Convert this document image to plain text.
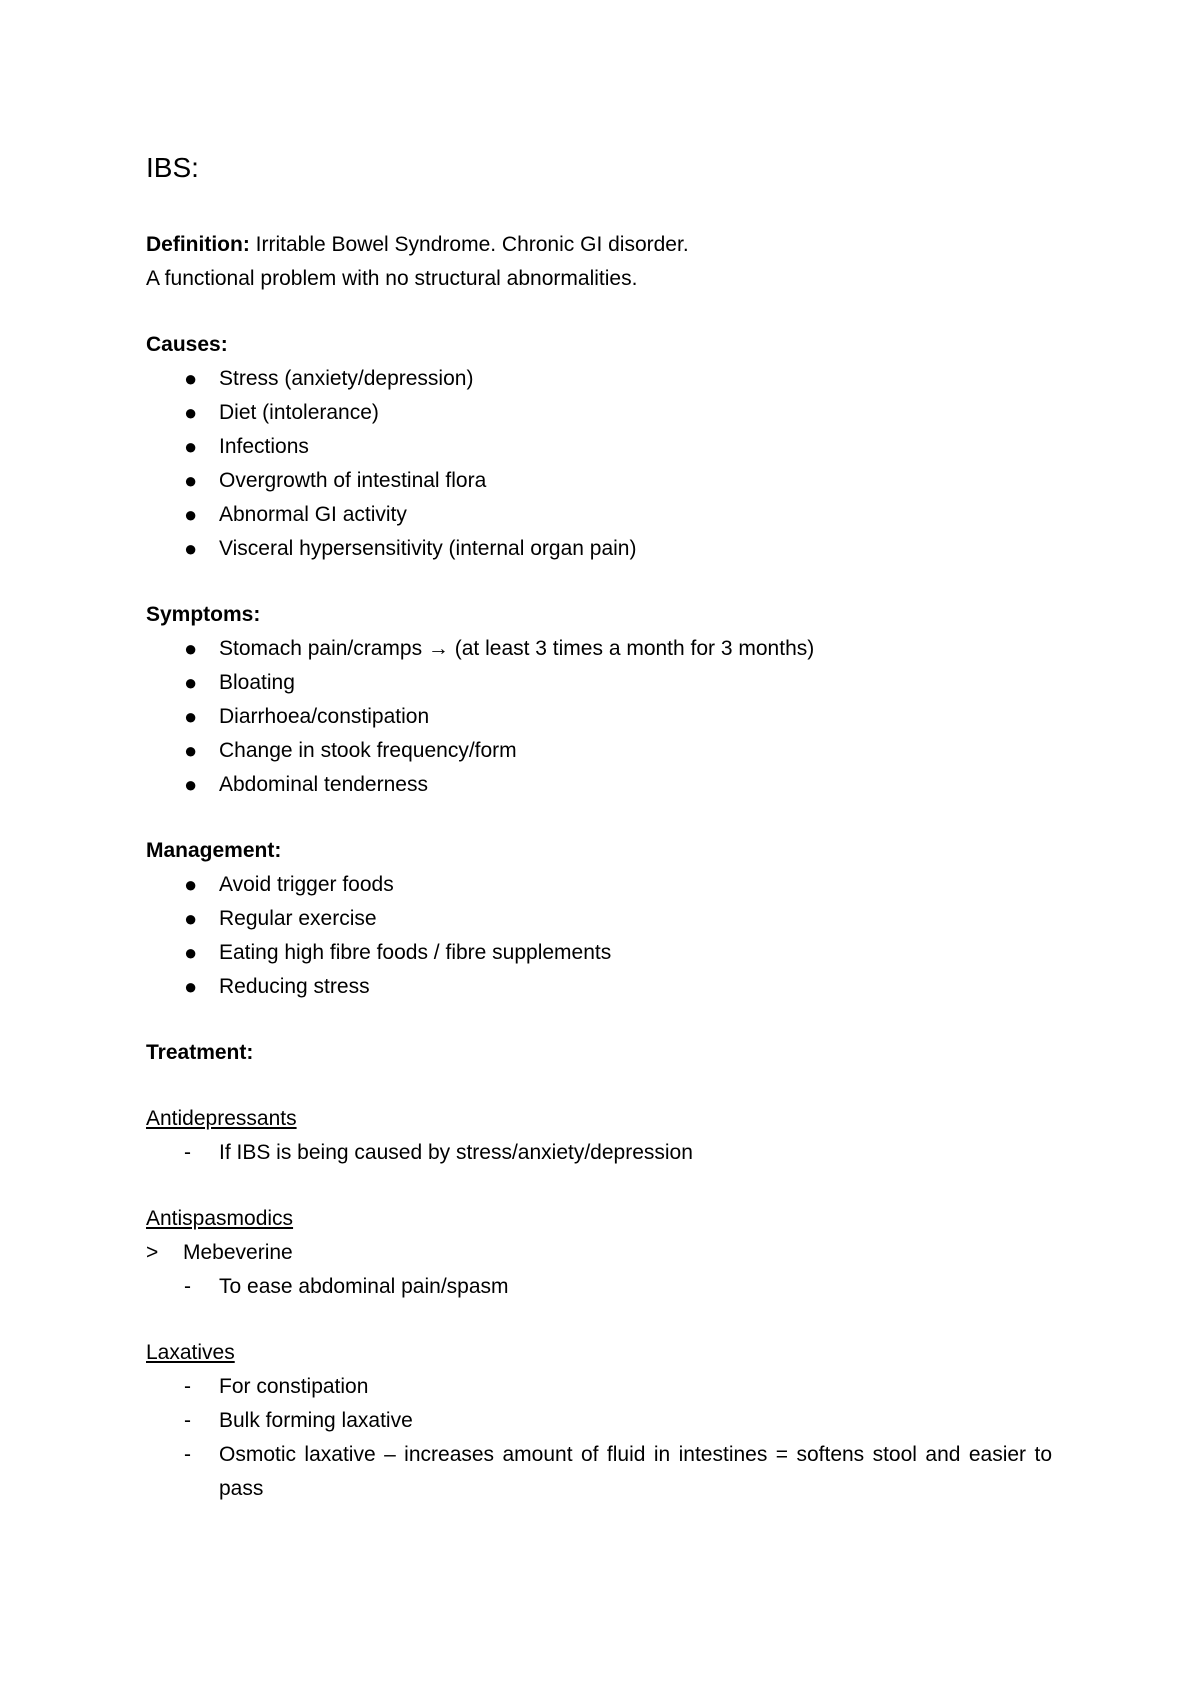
IBS:

Definition: Irritable Bowel Syndrome. Chronic GI disorder.

A functional problem with no structural abnormalities.

Causes:

● Stress (anxiety/depression)
● Diet (intolerance)
● Infections
● Overgrowth of intestinal flora
● Abnormal GI activity
● Visceral hypersensitivity (internal organ pain)

Symptoms:

● Stomach pain/cramps → (at least 3 times a month for 3 months)
● Bloating
● Diarrhoea/constipation
● Change in stook frequency/form
● Abdominal tenderness

Management:

● Avoid trigger foods
● Regular exercise
● Eating high fibre foods / fibre supplements
● Reducing stress

Treatment:

Antidepressants

- If IBS is being caused by stress/anxiety/depression

Antispasmodics

> Mebeverine

- To ease abdominal pain/spasm

Laxatives

- For constipation
- Bulk forming laxative
- Osmotic laxative – increases amount of fluid in intestines = softens stool and easier to pass
